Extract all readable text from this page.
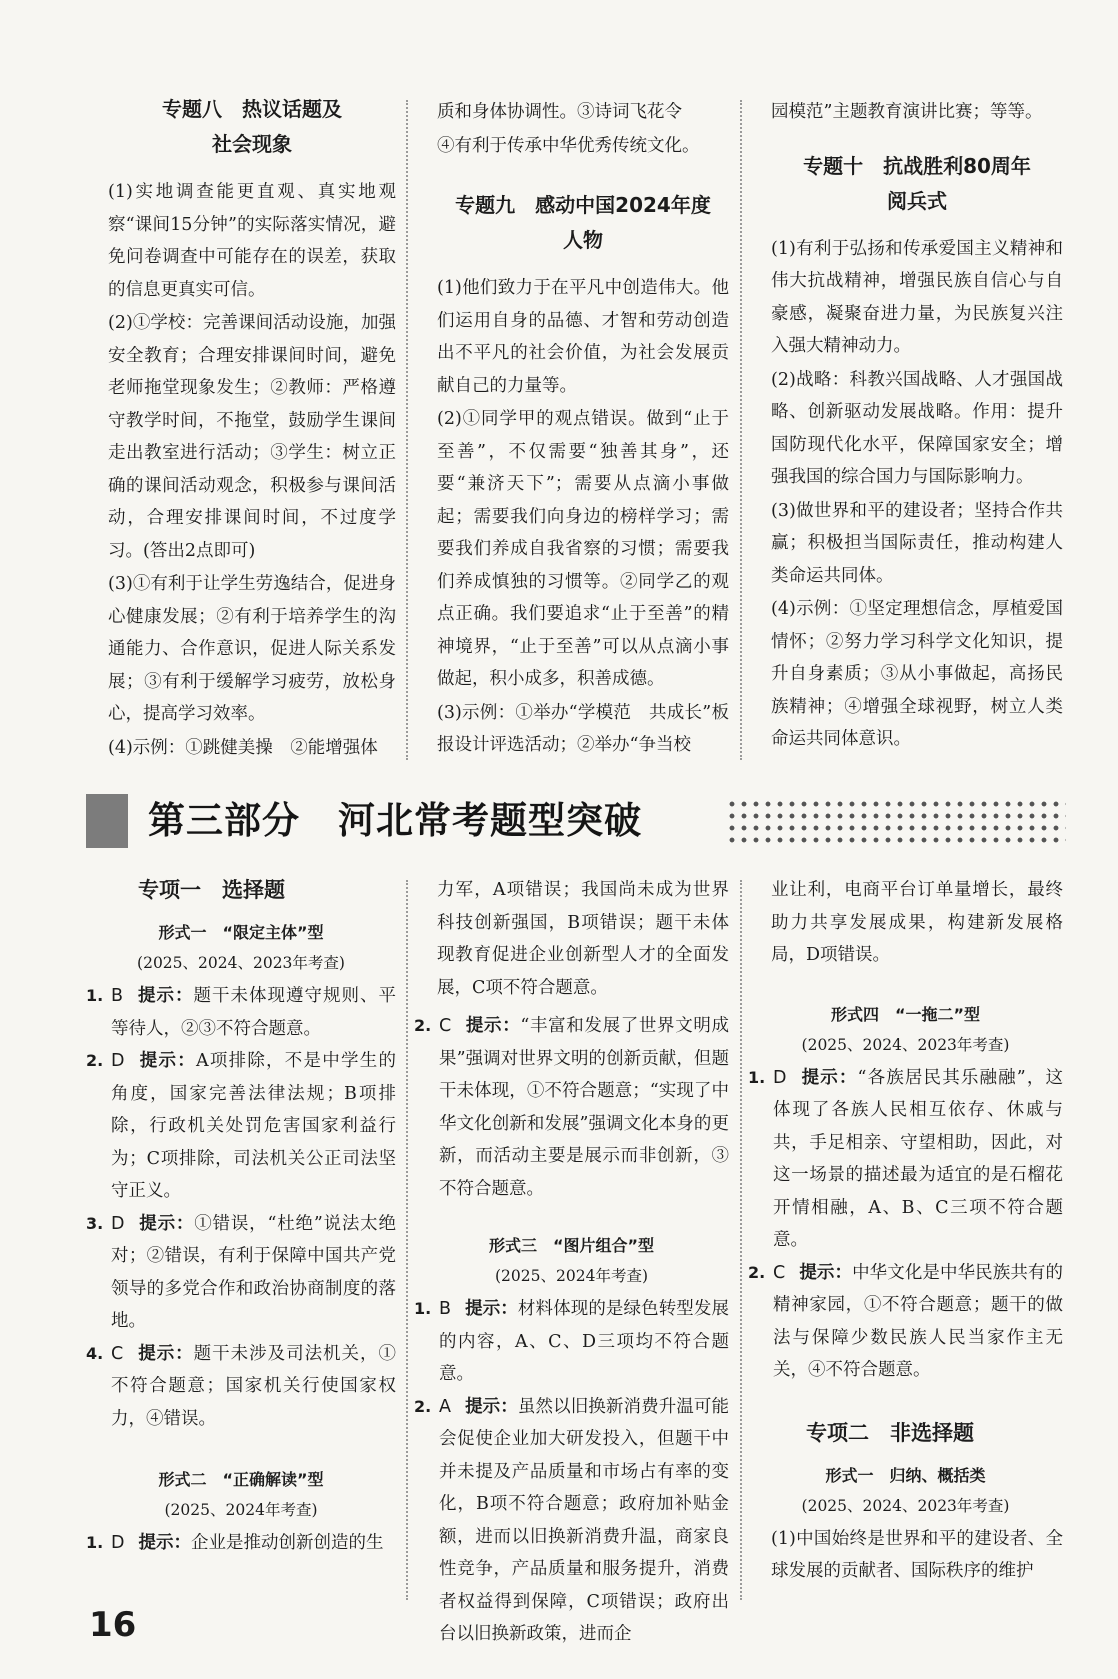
专题八　热议话题及
社会现象

(1)实地调查能更直观、真实地观察“课间15分钟”的实际落实情况，避免问卷调查中可能存在的误差，获取的信息更真实可信。

(2)①学校：完善课间活动设施，加强安全教育；合理安排课间时间，避免老师拖堂现象发生；②教师：严格遵守教学时间，不拖堂，鼓励学生课间走出教室进行活动；③学生：树立正确的课间活动观念，积极参与课间活动，合理安排课间时间，不过度学习。(答出2点即可)

(3)①有利于让学生劳逸结合，促进身心健康发展；②有利于培养学生的沟通能力、合作意识，促进人际关系发展；③有利于缓解学习疲劳，放松身心，提高学习效率。

(4)示例：①跳健美操　②能增强体

质和身体协调性。③诗词飞花令

④有利于传承中华优秀传统文化。

专题九　感动中国2024年度
人物

(1)他们致力于在平凡中创造伟大。他们运用自身的品德、才智和劳动创造出不平凡的社会价值，为社会发展贡献自己的力量等。

(2)①同学甲的观点错误。做到“止于至善”，不仅需要“独善其身”，还要“兼济天下”；需要从点滴小事做起；需要我们向身边的榜样学习；需要我们养成自我省察的习惯；需要我们养成慎独的习惯等。②同学乙的观点正确。我们要追求“止于至善”的精神境界，“止于至善”可以从点滴小事做起，积小成多，积善成德。

(3)示例：①举办“学模范　共成长”板报设计评选活动；②举办“争当校

园模范”主题教育演讲比赛；等等。

专题十　抗战胜利80周年
阅兵式

(1)有利于弘扬和传承爱国主义精神和伟大抗战精神，增强民族自信心与自豪感，凝聚奋进力量，为民族复兴注入强大精神动力。

(2)战略：科教兴国战略、人才强国战略、创新驱动发展战略。作用：提升国防现代化水平，保障国家安全；增强我国的综合国力与国际影响力。

(3)做世界和平的建设者；坚持合作共赢；积极担当国际责任，推动构建人类命运共同体。

(4)示例：①坚定理想信念，厚植爱国情怀；②努力学习科学文化知识，提升自身素质；③从小事做起，高扬民族精神；④增强全球视野，树立人类命运共同体意识。

第三部分　河北常考题型突破
专项一　选择题
形式一　“限定主体”型
(2025、2024、2023年考查)
1. B 提示：题干未体现遵守规则、平等待人，②③不符合题意。
2. D 提示：A项排除，不是中学生的角度，国家完善法律法规；B项排除，行政机关处罚危害国家利益行为；C项排除，司法机关公正司法坚守正义。
3. D 提示：①错误，“杜绝”说法太绝对；②错误，有利于保障中国共产党领导的多党合作和政治协商制度的落地。
4. C 提示：题干未涉及司法机关，①不符合题意；国家机关行使国家权力，④错误。
形式二　“正确解读”型
(2025、2024年考查)
1. D 提示：企业是推动创新创造的生

力军，A项错误；我国尚未成为世界科技创新强国，B项错误；题干未体现教育促进企业创新型人才的全面发展，C项不符合题意。

2. C 提示：“丰富和发展了世界文明成果”强调对世界文明的创新贡献，但题干未体现，①不符合题意；“实现了中华文化创新和发展”强调文化本身的更新，而活动主要是展示而非创新，③不符合题意。
形式三　“图片组合”型
(2025、2024年考查)
1. B 提示：材料体现的是绿色转型发展的内容，A、C、D三项均不符合题意。
2. A 提示：虽然以旧换新消费升温可能会促使企业加大研发投入，但题干中并未提及产品质量和市场占有率的变化，B项不符合题意；政府加补贴金额，进而以旧换新消费升温，商家良性竞争，产品质量和服务提升，消费者权益得到保障，C项错误；政府出台以旧换新政策，进而企

业让利，电商平台订单量增长，最终助力共享发展成果，构建新发展格局，D项错误。

形式四　“一拖二”型
(2025、2024、2023年考查)
1. D 提示：“各族居民其乐融融”，这体现了各族人民相互依存、休戚与共，手足相亲、守望相助，因此，对这一场景的描述最为适宜的是石榴花开情相融，A、B、C三项不符合题意。
2. C 提示：中华文化是中华民族共有的精神家园，①不符合题意；题干的做法与保障少数民族人民当家作主无关，④不符合题意。
专项二　非选择题
形式一　归纳、概括类
(2025、2024、2023年考查)

(1)中国始终是世界和平的建设者、全球发展的贡献者、国际秩序的维护

16
